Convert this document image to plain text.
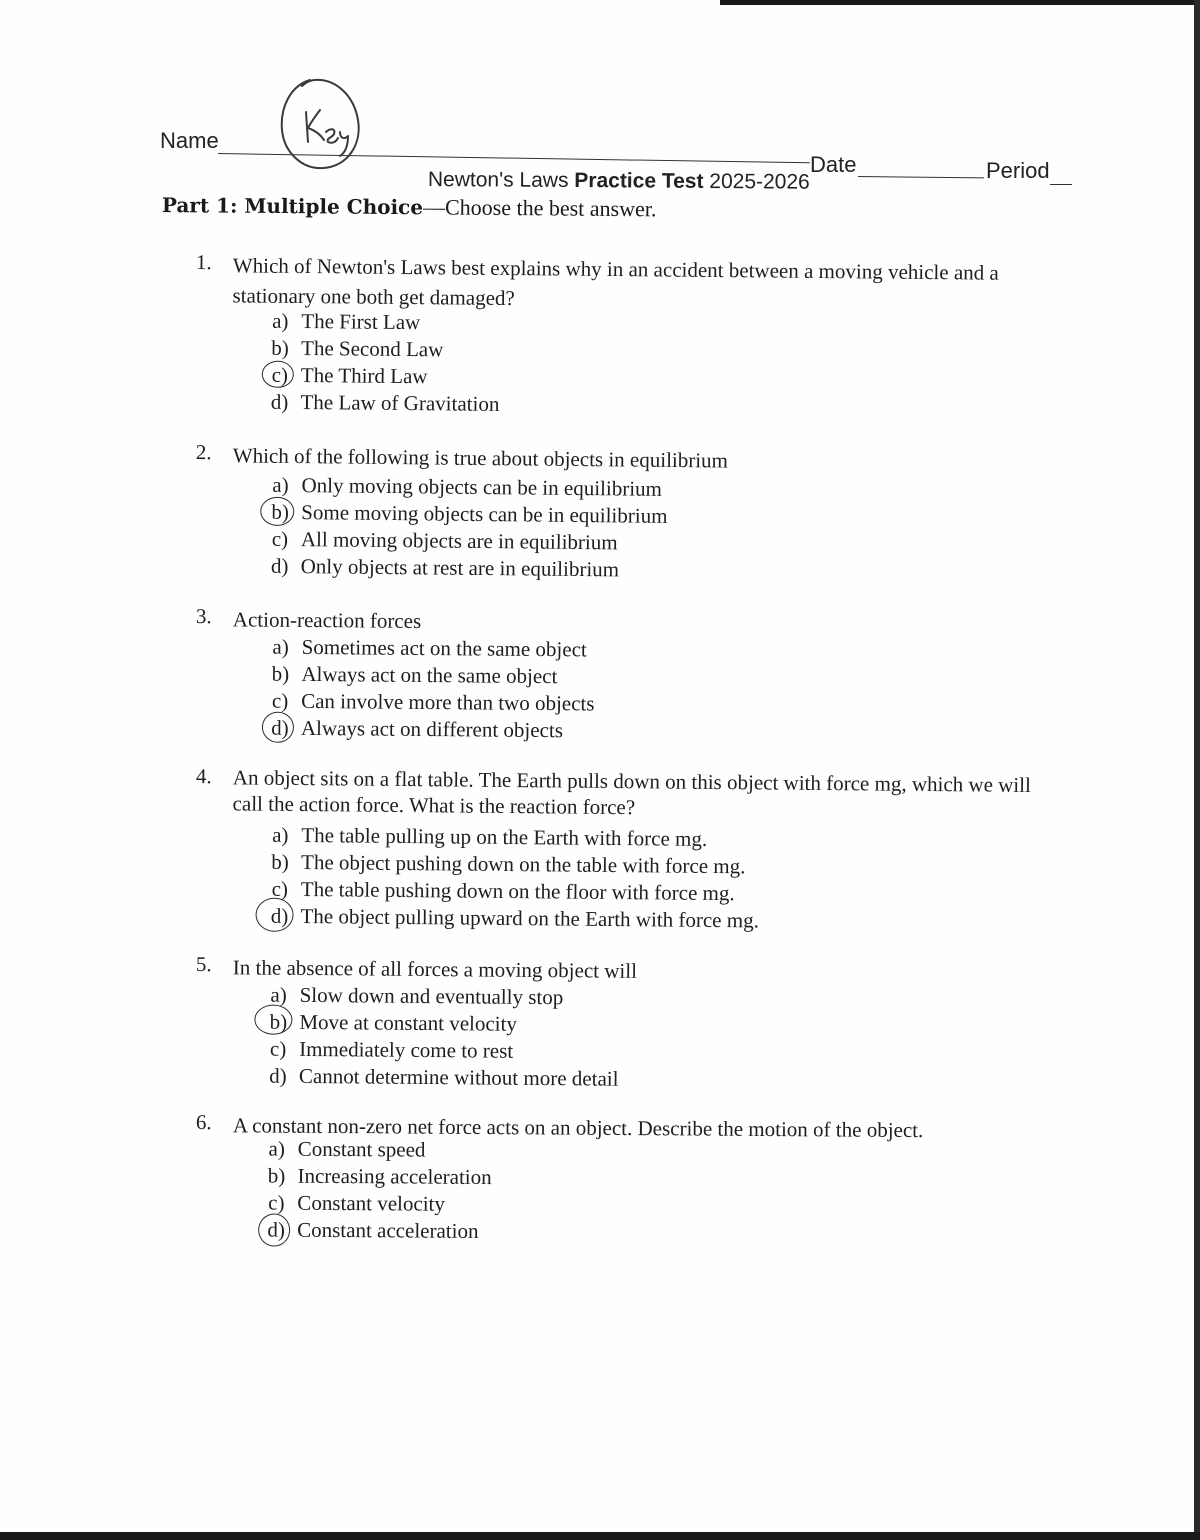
Name
Date	Period
Newton's Laws Practice Test 2025-2026
Part 1: Multiple Choice—Choose the best answer.
1. Which of Newton's Laws best explains why in an accident between a moving vehicle and a stationary one both get damaged?
a) The First Law
b) The Second Law
c) The Third Law
d) The Law of Gravitation
2. Which of the following is true about objects in equilibrium
a) Only moving objects can be in equilibrium
b) Some moving objects can be in equilibrium
c) All moving objects are in equilibrium
d) Only objects at rest are in equilibrium
3. Action-reaction forces
a) Sometimes act on the same object
b) Always act on the same object
c) Can involve more than two objects
d) Always act on different objects
4. An object sits on a flat table. The Earth pulls down on this object with force mg, which we will call the action force. What is the reaction force?
a) The table pulling up on the Earth with force mg.
b) The object pushing down on the table with force mg.
c) The table pushing down on the floor with force mg.
d) The object pulling upward on the Earth with force mg.
5. In the absence of all forces a moving object will
a) Slow down and eventually stop
b) Move at constant velocity
c) Immediately come to rest
d) Cannot determine without more detail
6. A constant non-zero net force acts on an object. Describe the motion of the object.
a) Constant speed
b) Increasing acceleration
c) Constant velocity
d) Constant acceleration
